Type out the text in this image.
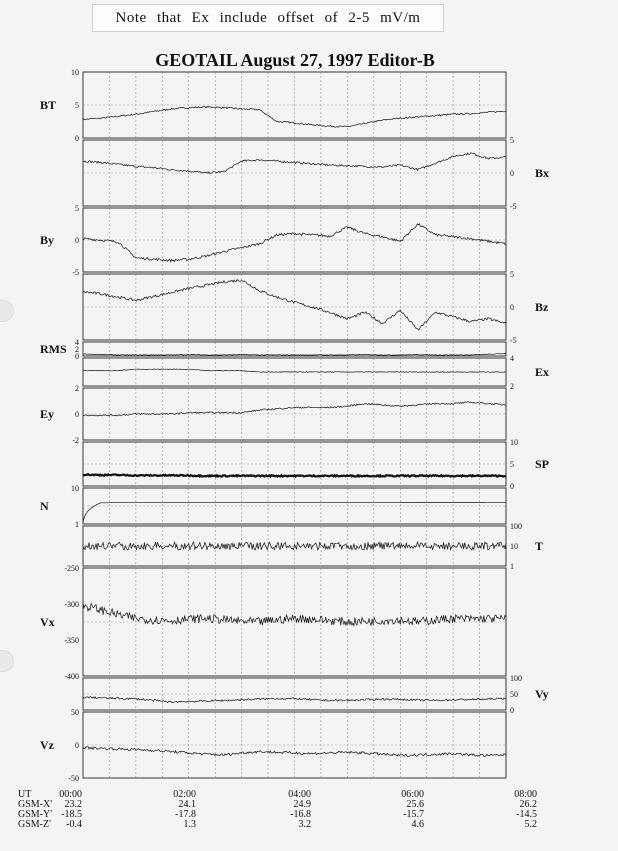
Note that Ex include offset of 2-5 mV/m
GEOTAIL August 27, 1997 Editor-B
10
5
0
BT
5
0
-5
Bx
5
0
-5
By
5
0
-5
Bz
4
2
0
RMS
4
2
Ex
2
0
-2
Ey
10
5
0
SP
10
1
N
100
10
1
T
-250
-300
-350
-400
Vx
100
50
0
Vy
50
0
-50
Vz
UT	00:00	02:00	04:00	06:00	08:00
GSM-X'	23.2	24.1	24.9	25.6	26.2
GSM-Y' -18.5	-17.8	-16.8	-15.7	-14.5
GSM-Z'	-0.4	1.3	3.2	4.6	5.2
